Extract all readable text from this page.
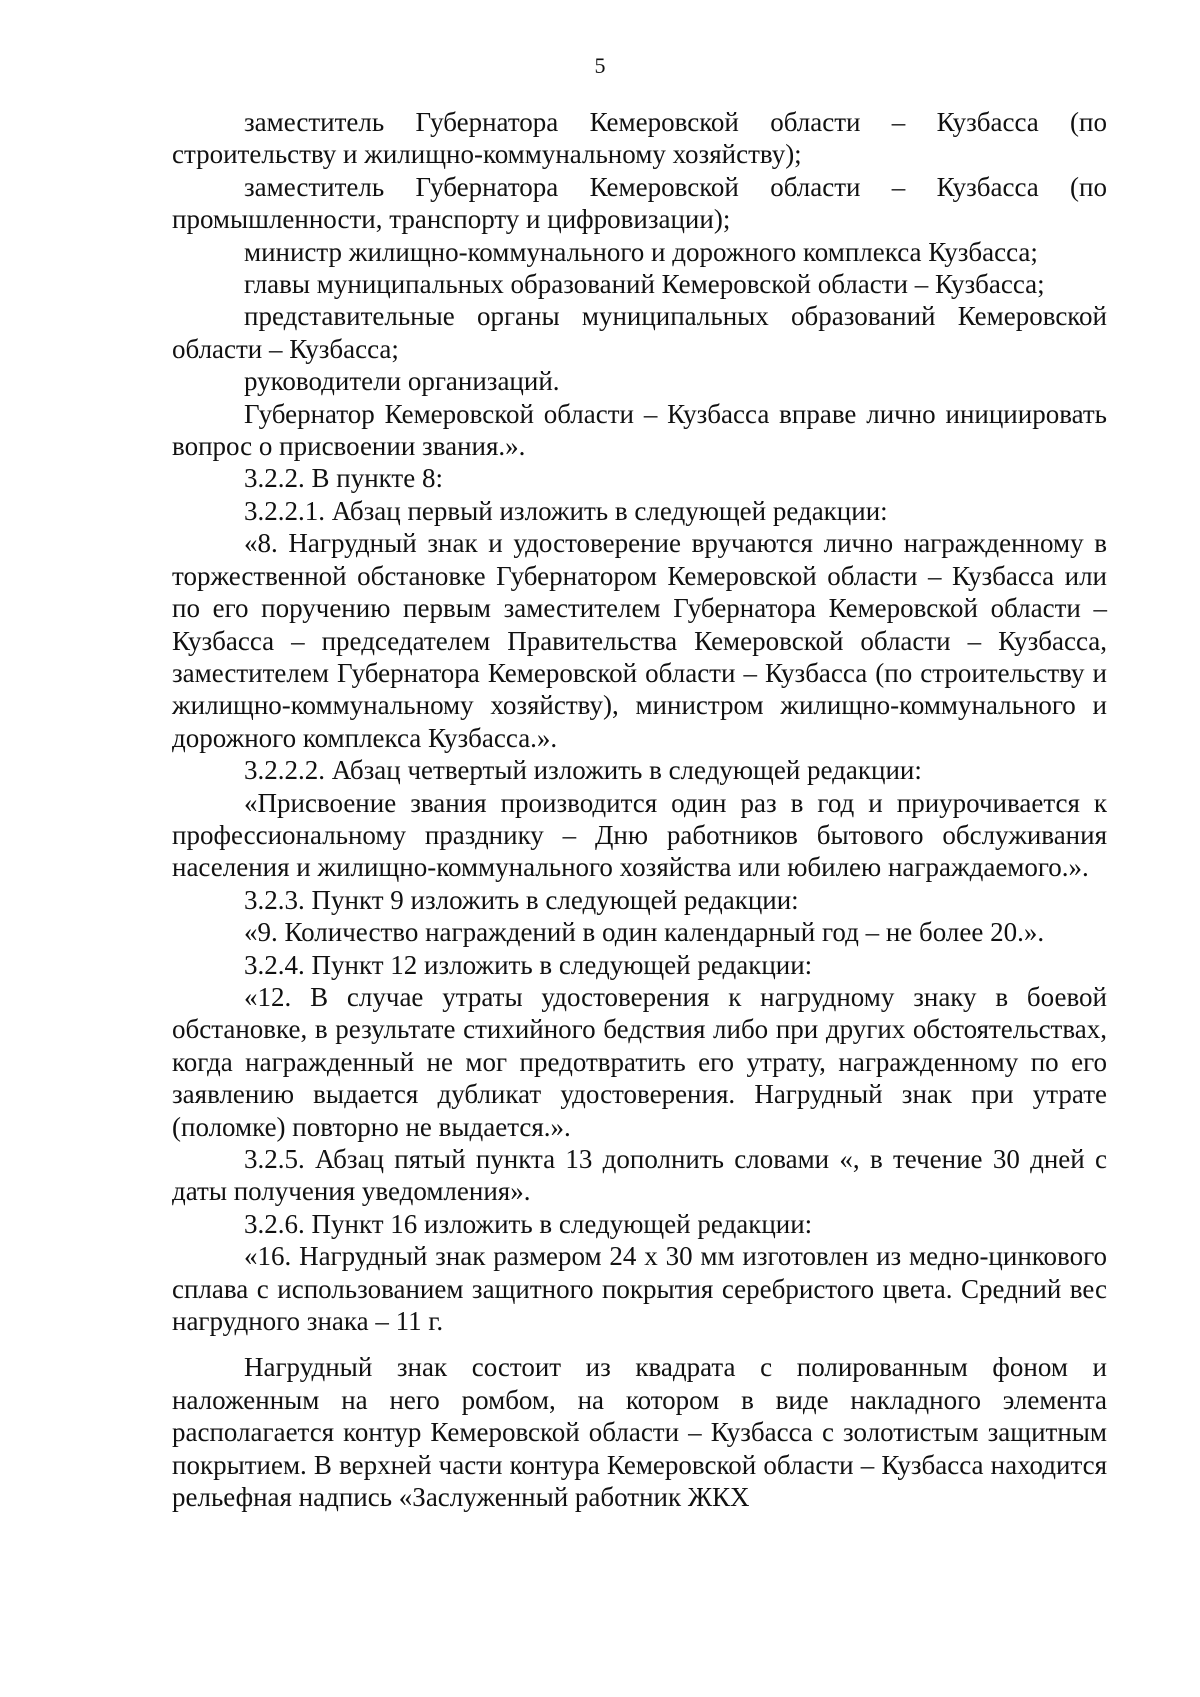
5

заместитель Губернатора Кемеровской области – Кузбасса (по строительству и жилищно-коммунальному хозяйству);

заместитель Губернатора Кемеровской области – Кузбасса (по промышленности, транспорту и цифровизации);

министр жилищно-коммунального и дорожного комплекса Кузбасса;

главы муниципальных образований Кемеровской области – Кузбасса;

представительные органы муниципальных образований Кемеровской области – Кузбасса;

руководители организаций.

Губернатор Кемеровской области – Кузбасса вправе лично инициировать вопрос о присвоении звания.».

3.2.2. В пункте 8:

3.2.2.1. Абзац первый изложить в следующей редакции:

«8. Нагрудный знак и удостоверение вручаются лично награжденному в торжественной обстановке Губернатором Кемеровской области – Кузбасса или по его поручению первым заместителем Губернатора Кемеровской области – Кузбасса – председателем Правительства Кемеровской области – Кузбасса, заместителем Губернатора Кемеровской области – Кузбасса (по строительству и жилищно-коммунальному хозяйству), министром жилищно-коммунального и дорожного комплекса Кузбасса.».

3.2.2.2. Абзац четвертый изложить в следующей редакции:

«Присвоение звания производится один раз в год и приурочивается к профессиональному празднику – Дню работников бытового обслуживания населения и жилищно-коммунального хозяйства или юбилею награждаемого.».

3.2.3. Пункт 9 изложить в следующей редакции:

«9. Количество награждений в один календарный год – не более 20.».

3.2.4. Пункт 12 изложить в следующей редакции:

«12. В случае утраты удостоверения к нагрудному знаку в боевой обстановке, в результате стихийного бедствия либо при других обстоятельствах, когда награжденный не мог предотвратить его утрату, награжденному по его заявлению выдается дубликат удостоверения. Нагрудный знак при утрате (поломке) повторно не выдается.».

3.2.5. Абзац пятый пункта 13 дополнить словами «, в течение 30 дней с даты получения уведомления».

3.2.6. Пункт 16 изложить в следующей редакции:

«16. Нагрудный знак размером 24 х 30 мм изготовлен из медно-цинкового сплава с использованием защитного покрытия серебристого цвета. Средний вес нагрудного знака – 11 г.

Нагрудный знак состоит из квадрата с полированным фоном и наложенным на него ромбом, на котором в виде накладного элемента располагается контур Кемеровской области – Кузбасса с золотистым защитным покрытием. В верхней части контура Кемеровской области – Кузбасса находится рельефная надпись «Заслуженный работник ЖКХ
